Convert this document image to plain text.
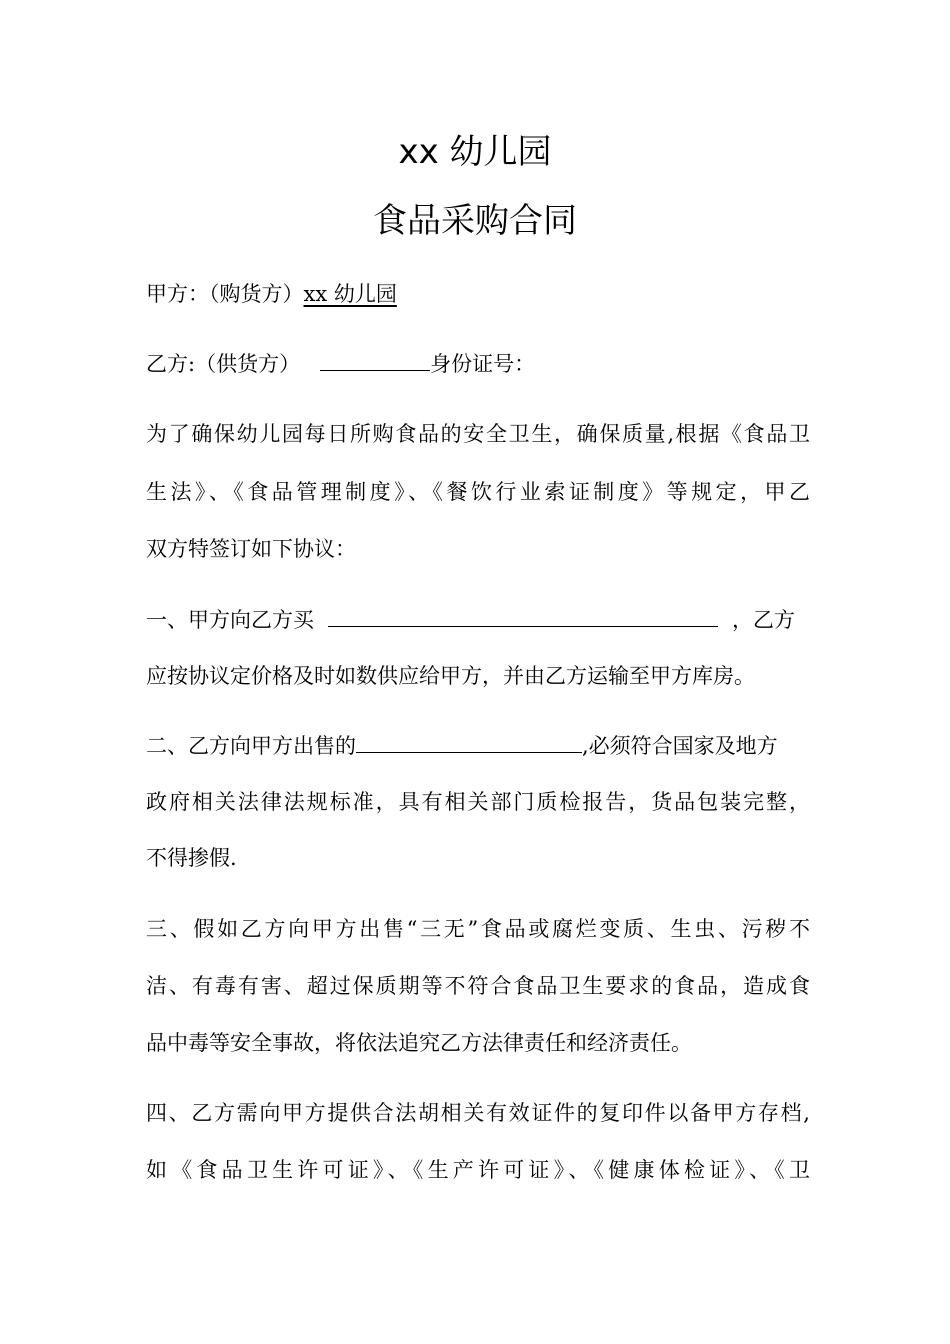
xx 幼儿园
食品采购合同

甲方：（购货方）xx 幼儿园

乙方:（供货方）	身份证号：

为了确保幼儿园每日所购食品的安全卫生，确保质量,根据《食品卫

生法》、《食品管理制度》、《餐饮行业索证制度》等规定，甲乙

双方特签订如下协议：

一、甲方向乙方买	，乙方

应按协议定价格及时如数供应给甲方，并由乙方运输至甲方库房。

二、乙方向甲方出售的	,必须符合国家及地方

政府相关法律法规标准，具有相关部门质检报告，货品包装完整，

不得掺假.

三、假如乙方向甲方出售“三无”食品或腐烂变质、生虫、污秽不

洁、有毒有害、超过保质期等不符合食品卫生要求的食品，造成食

品中毒等安全事故，将依法追究乙方法律责任和经济责任。

四、乙方需向甲方提供合法胡相关有效证件的复印件以备甲方存档,

如《食品卫生许可证》、《生产许可证》、《健康体检证》、《卫
